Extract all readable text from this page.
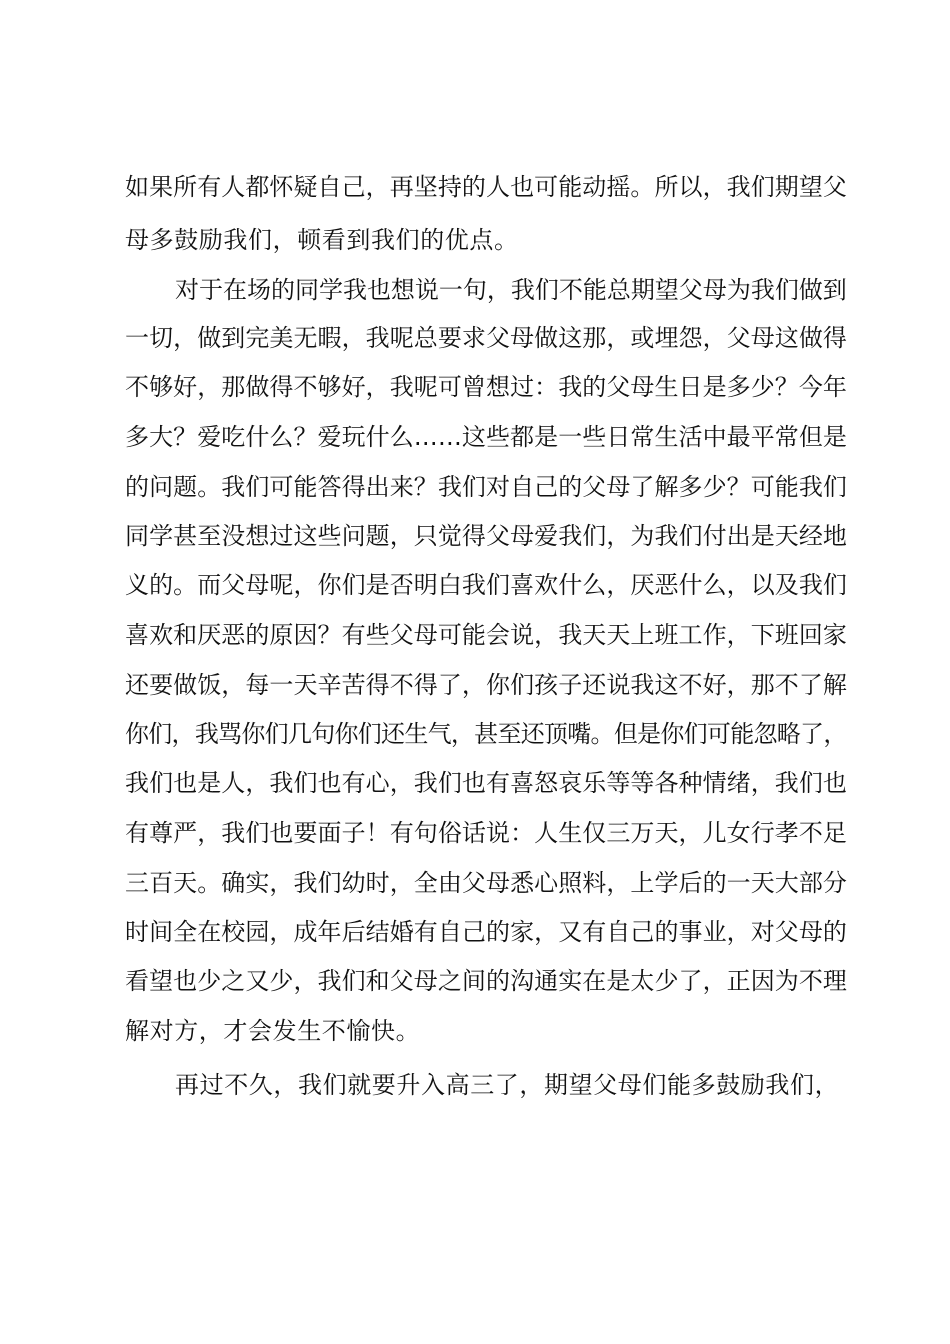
如果所有人都怀疑自己，再坚持的人也可能动摇。所以，我们期望父
母多鼓励我们，顿看到我们的优点。
对于在场的同学我也想说一句，我们不能总期望父母为我们做到
一切，做到完美无暇，我呢总要求父母做这那，或埋怨，父母这做得
不够好，那做得不够好，我呢可曾想过：我的父母生日是多少？今年
多大？爱吃什么？爱玩什么……这些都是一些日常生活中最平常但是
的问题。我们可能答得出来？我们对自己的父母了解多少？可能我们
同学甚至没想过这些问题，只觉得父母爱我们，为我们付出是天经地
义的。而父母呢，你们是否明白我们喜欢什么，厌恶什么，以及我们
喜欢和厌恶的原因？有些父母可能会说，我天天上班工作，下班回家
还要做饭，每一天辛苦得不得了，你们孩子还说我这不好，那不了解
你们，我骂你们几句你们还生气，甚至还顶嘴。但是你们可能忽略了，
我们也是人，我们也有心，我们也有喜怒哀乐等等各种情绪，我们也
有尊严，我们也要面子！有句俗话说：人生仅三万天，儿女行孝不足
三百天。确实，我们幼时，全由父母悉心照料，上学后的一天大部分
时间全在校园，成年后结婚有自己的家，又有自己的事业，对父母的
看望也少之又少，我们和父母之间的沟通实在是太少了，正因为不理
解对方，才会发生不愉快。
再过不久，我们就要升入高三了，期望父母们能多鼓励我们，
